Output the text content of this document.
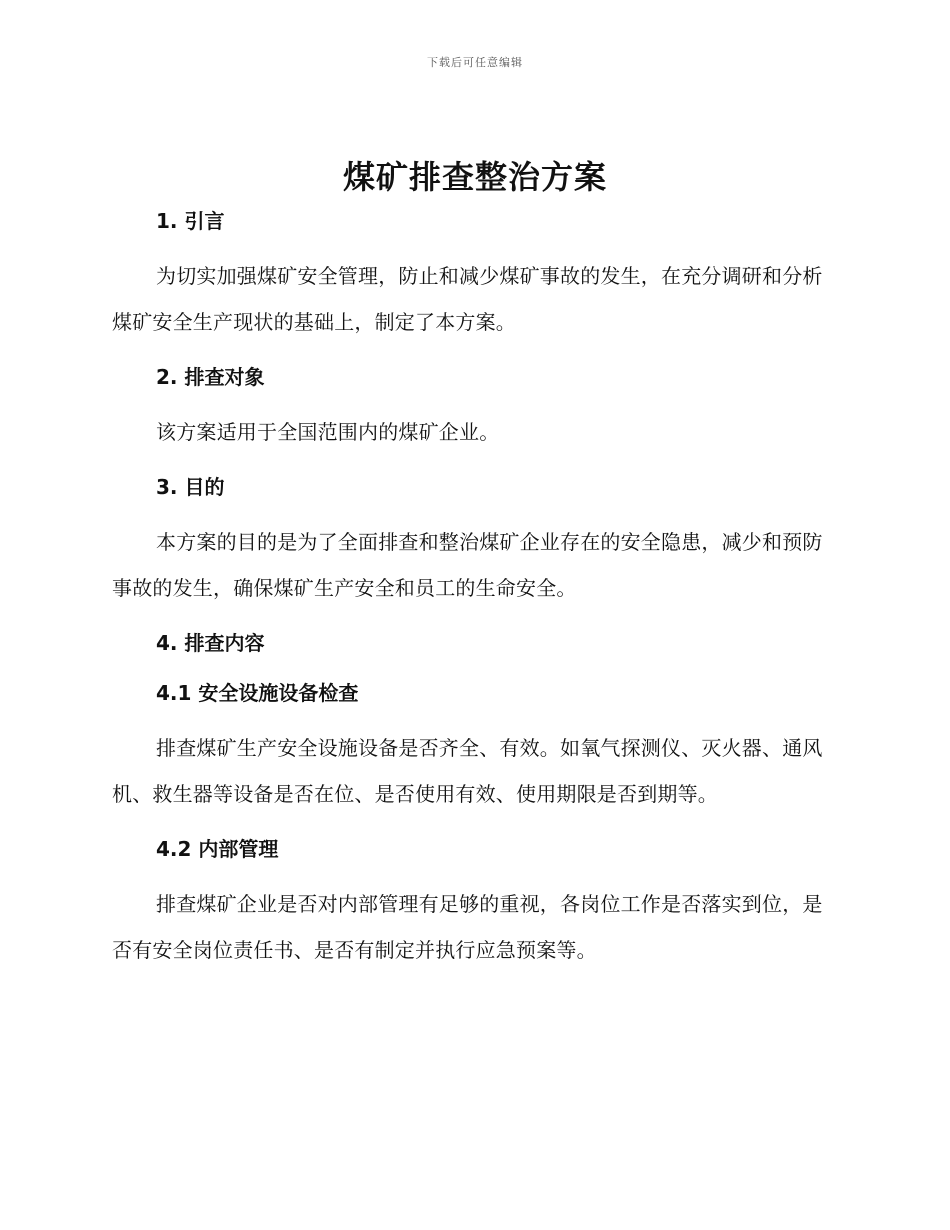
下载后可任意编辑
煤矿排查整治方案
1. 引言

为切实加强煤矿安全管理，防止和减少煤矿事故的发生，在充分调研和分析煤矿安全生产现状的基础上，制定了本方案。

2. 排查对象

该方案适用于全国范围内的煤矿企业。

3. 目的

本方案的目的是为了全面排查和整治煤矿企业存在的安全隐患，减少和预防事故的发生，确保煤矿生产安全和员工的生命安全。

4. 排查内容
4.1 安全设施设备检查

排查煤矿生产安全设施设备是否齐全、有效。如氧气探测仪、灭火器、通风机、救生器等设备是否在位、是否使用有效、使用期限是否到期等。

4.2 内部管理

排查煤矿企业是否对内部管理有足够的重视，各岗位工作是否落实到位，是否有安全岗位责任书、是否有制定并执行应急预案等。
